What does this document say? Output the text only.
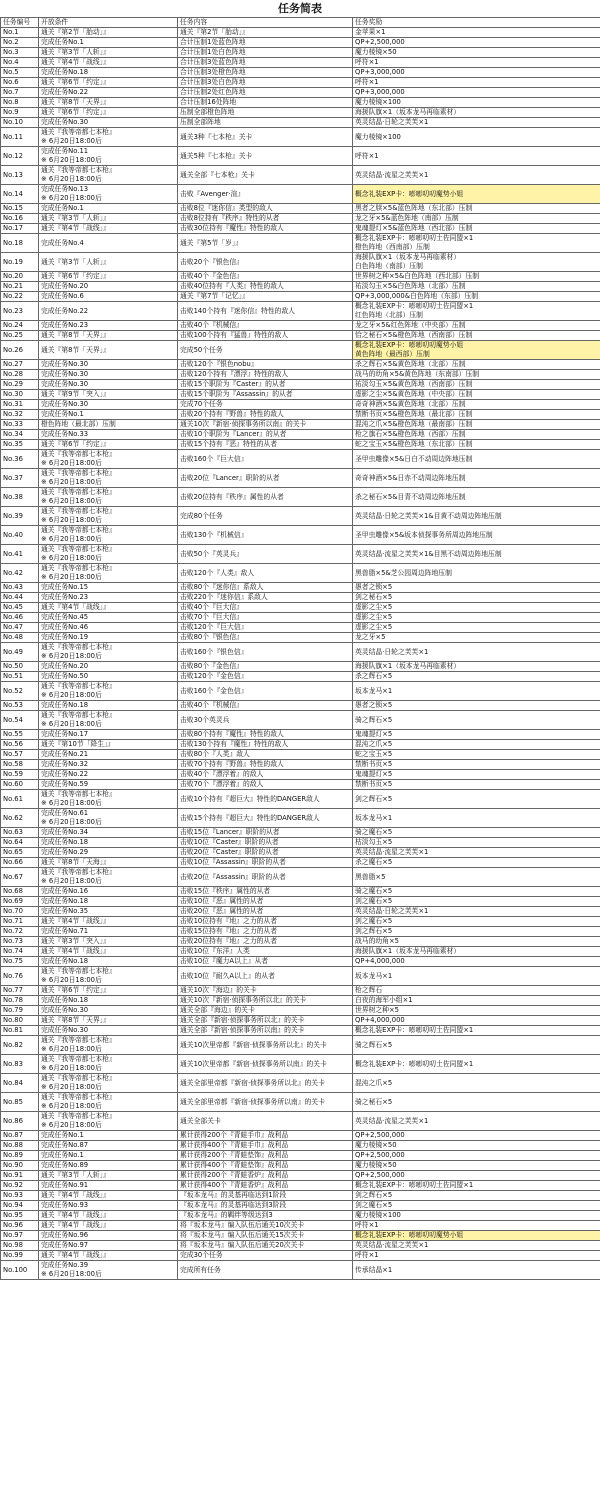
任务简表
任务编号	开放条件	任务内容	任务奖励

No.1	通关『第2节「胎动」』	通关『第2节「胎动」』	金苹果×1

No.2	完成任务No.1	合计压制1处蓝色阵地	QP+2,500,000

No.3	通关『第3节「人斩」』	合计压制1处白色阵地	魔力棱镜×50

No.4	通关『第4节「战线」』	合计压制3处蓝色阵地	呼符×1

No.5	完成任务No.18	合计压制3处橙色阵地	QP+3,000,000

No.6	通关『第6节「约定」』	合计压制3处白色阵地	呼符×1

No.7	完成任务No.22	合计压制2处红色阵地	QP+3,000,000

No.8	通关『第8节「天界」』	合计压制16处阵地	魔力棱镜×100

No.9	通关『第6节「约定」』	压制全部橙色阵地	海援队旗×1（坂本龙马再临素材）

No.10	完成任务No.30	压制全部阵地	英灵结晶·日轮之芙芙×1

No.11	通关『我等帝都七本枪』
※ 6月20日18:00后	通关3种『七本枪』关卡	魔力棱镜×100

No.12	完成任务No.11
※ 6月20日18:00后	通关5种『七本枪』关卡	呼符×1

No.13	通关『我等帝都七本枪』
※ 6月20日18:00后	通关全部『七本枪』关卡	英灵结晶·流星之芙芙×1

No.14	完成任务No.13
※ 6月20日18:00后	击败『Avenger·渲』	概念礼装EXP卡：嘭嘭叨叨魔势小姐

No.15	完成任务No.1	击败8位『迷你信』类型的敌人	黑者之牍×5&蓝色阵地（东北部）压制

No.16	通关『第3节「人斩」』	击败8位持有『秩序』特性的从者	龙之牙×5&蓝色阵地（南部）压制

No.17	通关『第4节「战线」』	击败30位持有『魔性』特性的敌人	鬼魂提灯×5&蓝色阵地（西北部）压制

No.18	完成任务No.4	通关『第5节「岁」』	概念礼装EXP卡：嘭嘭叨叨土佐同盟×1
橙色阵地（西南部）压制

No.19	通关『第3节「人斩」』	击败20个『银色信』	海援队旗×1（坂本龙马再临素材）
白色阵地（南部）压制

No.20	通关『第6节「约定」』	击败40个『金色信』	世界树之种×5&白色阵地（西北部）压制

No.21	完成任务No.20	击败40位持有『人类』特性的敌人	祐淡勾玉×5&白色阵地（北部）压制

No.22	完成任务No.6	通关『第7节「记忆」』	QP+3,000,000&白色阵地（东部）压制

No.23	完成任务No.22	击败140个持有『迷你信』特性的敌人	概念礼装EXP卡：嘭嘭叨叨土佐同盟×1
红色阵地（北部）压制

No.24	完成任务No.23	击败40个『机械信』	龙之牙×5&红色阵地（中央部）压制

No.25	通关『第8节「天界」』	击败100个持有『猛兽』特性的敌人	恰之秘石×5&橙色阵地（西南部）压制

No.26	通关『第8节「天界」』	完成50个任务	概念礼装EXP卡：嘭嘭叨叨魔势小姐
黄色阵地（最西部）压制

No.27	完成任务No.30	击败120个『银色nobu』	杀之辉石×5&黄色阵地（北部）压制

No.28	完成任务No.30	击败120个持有『漂浮』特性的敌人	战马的幼角×5&黄色阵地（东南部）压制

No.29	完成任务No.30	击败15个职阶为『Caster』的从者	祐淡勾玉×5&黄色阵地（西南部）压制

No.30	通关『第9节「突入」』	击败15个职阶为『Assassin』的从者	虚影之尘×5&黄色阵地（中央部）压制

No.31	完成任务No.30	完成70个任务	奇奇神酒×5&黄色阵地（北部）压制

No.32	完成任务No.1	击败20个持有『野兽』特性的敌人	禁断书页×5&橙色阵地（最北部）压制

No.33	橙色阵地（最北部）压制	通关10次『新宿·侦探事务所以南』的关卡	混沌之爪×5&橙色阵地（最南部）压制

No.34	完成任务No.33	击败10个职阶为『Lancer』的从者	枪之旗石×5&橙色阵地（西部）压制

No.35	通关『第6节「约定」』	击败15个持有『恶』特性的从者	蛇之宝玉×5&橙色阵地（东北部）压制

No.36	通关『我等帝都七本枪』
※ 6月20日18:00后	击败160个『巨大信』	圣甲虫雕像×5&日白不动周边阵地压制

No.37	通关『我等帝都七本枪』
※ 6月20日18:00后	击败20位『Lancer』职阶的从者	奇奇神酒×5&日赤不动周边阵地压制

No.38	通关『我等帝都七本枪』
※ 6月20日18:00后	击败20位持有『秩序』属性的从者	杀之秘石×5&目青不动周边阵地压制

No.39	通关『我等帝都七本枪』
※ 6月20日18:00后	完成80个任务	英灵结晶·日轮之芙芙×1&目黄不动周边阵地压制

No.40	通关『我等帝都七本枪』
※ 6月20日18:00后	击败130个『机械信』	圣甲虫雕像×5&坂本侦探事务所周边阵地压制

No.41	通关『我等帝都七本枪』
※ 6月20日18:00后	击败50个『英灵兵』	英灵结晶·流星之芙芙×1&目黑不动周边阵地压制

No.42	通关『我等帝都七本枪』
※ 6月20日18:00后	击败120个『人类』敌人	黑兽脂×5&芝公园周边阵地压制

No.43	完成任务No.15	击败80个『迷你信』系敌人	愚者之锁×5

No.44	完成任务No.23	击败220个『迷你信』系敌人	剑之秘石×5

No.45	通关『第4节「战线」』	击败40个『巨大信』	虚影之尘×5

No.46	完成任务No.45	击败70个『巨大信』	虚影之尘×5

No.47	完成任务No.46	击败120个『巨大信』	虚影之尘×5

No.48	完成任务No.19	击败80个『银色信』	龙之牙×5

No.49	通关『我等帝都七本枪』
※ 6月20日18:00后	击败160个『银色信』	英灵结晶·日轮之芙芙×1

No.50	完成任务No.20	击败80个『金色信』	海援队旗×1（坂本龙马再临素材）

No.51	完成任务No.50	击败120个『金色信』	杀之辉石×5

No.52	通关『我等帝都七本枪』
※ 6月20日18:00后	击败160个『金色信』	坂本龙马×1

No.53	完成任务No.18	击败40个『机械信』	愚者之锁×5

No.54	通关『我等帝都七本枪』
※ 6月20日18:00后	击败30个英灵兵	骑之辉石×5

No.55	完成任务No.17	击败80个持有『魔性』特性的敌人	鬼魂提灯×5

No.56	通关『第10节「降生」』	击败130个持有『魔性』特性的敌人	混沌之爪×5

No.57	完成任务No.21	击败80个『人类』敌人	蛇之宝玉×5

No.58	完成任务No.32	击败70个持有『野兽』特性的敌人	禁断书页×5

No.59	完成任务No.22	击败40个『漂浮着』的敌人	鬼魂提灯×5

No.60	完成任务No.59	击败70个『漂浮着』的敌人	禁断书页×5

No.61	通关『我等帝都七本枪』
※ 6月20日18:00后	击败10个持有『超巨大』特性的DANGER敌人	剑之辉石×5

No.62	完成任务No.61
※ 6月20日18:00后	击败15个持有『超巨大』特性的DANGER敌人	坂本龙马×1

No.63	完成任务No.34	击败15位『Lancer』职阶的从者	骑之魔石×5

No.64	完成任务No.18	击败10位『Caster』职阶的从者	枯淡勾玉×5

No.65	完成任务No.29	击败20位『Caster』职阶的从者	英灵结晶·流星之芙芙×1

No.66	通关『第8节「天海」』	击败10位『Assassin』职阶的从者	杀之魔石×5

No.67	通关『我等帝都七本枪』
※ 6月20日18:00后	击败20位『Assassin』职阶的从者	黑兽脂×5

No.68	完成任务No.16	击败15位『秩序』属性的从者	骑之魔石×5

No.69	完成任务No.18	击败10位『恶』属性的从者	剑之魔石×5

No.70	完成任务No.35	击败20位『恶』属性的从者	英灵结晶·日轮之芙芙×1

No.71	通关『第4节「战线」』	击败10位持有『地』之力的从者	剑之魔石×5

No.72	完成任务No.71	击败15位持有『地』之力的从者	剑之辉石×5

No.73	通关『第3节「突入」』	击败20位持有『地』之力的从者	战马的幼角×5

No.74	通关『第4节「战线」』	击败10位『东洋』人类	海援队旗×1（坂本龙马再临素材）

No.75	完成任务No.18	击败10位『魔力A以上』从者	QP+4,000,000

No.76	通关『我等帝都七本枪』
※ 6月20日18:00后	击败10位『耐久A以上』的从者	坂本龙马×1

No.77	通关『第6节「约定」』	通关10次『海边』的关卡	枪之辉石

No.78	完成任务No.18	通关10次『新宿·侦探事务所以北』的关卡	白夜的海军小组×1

No.79	完成任务No.30	通关全部『海边』的关卡	世界树之种×5

No.80	通关『第8节「天界」』	通关全部『新宿·侦探事务所以北』的关卡	QP+4,000,000

No.81	完成任务No.30	通关全部『新宿·侦探事务所以南』的关卡	概念礼装EXP卡：嘭嘭叨叨土佐同盟×1

No.82	通关『我等帝都七本枪』
※ 6月20日18:00后	通关10次里帝都『新宿·侦探事务所以北』的关卡	骑之辉石×5

No.83	通关『我等帝都七本枪』
※ 6月20日18:00后	通关10次里帝都『新宿·侦探事务所以南』的关卡	概念礼装EXP卡：嘭嘭叨叨土佐同盟×1

No.84	通关『我等帝都七本枪』
※ 6月20日18:00后	通关全部里帝都『新宿·侦探事务所以北』的关卡	混沌之爪×5

No.85	通关『我等帝都七本枪』
※ 6月20日18:00后	通关全部里帝都『新宿·侦探事务所以南』的关卡	骑之秘石×5

No.86	通关『我等帝都七本枪』
※ 6月20日18:00后	通关全部关卡	英灵结晶·流星之芙芙×1

No.87	完成任务No.1	累计获得200个『青蛙手巾』战利品	QP+2,500,000

No.88	完成任务No.87	累计获得400个『青蛙手巾』战利品	魔力棱镜×50

No.89	完成任务No.1	累计获得200个『青蛙垫饰』战利品	QP+2,500,000

No.90	完成任务No.89	累计获得400个『青蛙垫饰』战利品	魔力棱镜×50

No.91	通关『第3节「人斩」』	累计获得200个『青蛙香炉』战利品	QP+2,500,000

No.92	完成任务No.91	累计获得400个『青蛙香炉』战利品	概念礼装EXP卡：嘭嘭叨叨土佐同盟×1

No.93	通关『第4节「战线」』	『坂本龙马』的灵基再临达到1阶段	剑之辉石×5

No.94	完成任务No.93	『坂本龙马』的灵基再临达到3阶段	剑之魔石×5

No.95	通关『第4节「战线」』	『坂本龙马』的羁绊等级达到3	魔力棱镜×100

No.96	通关『第4节「战线」』	将『坂本龙马』编入队伍后通关10次关卡	呼符×1

No.97	完成任务No.96	将『坂本龙马』编入队伍后通关15次关卡	概念礼装EXP卡：嘭嘭叨叨魔势小姐

No.98	完成任务No.97	将『坂本龙马』编入队伍后通关20次关卡	英灵结晶·流星之芙芙×1

No.99	通关『第4节「战线」』	完成30个任务	呼符×1

No.100	完成任务No.39
※ 6月20日18:00后	完成所有任务	传承结晶×1
